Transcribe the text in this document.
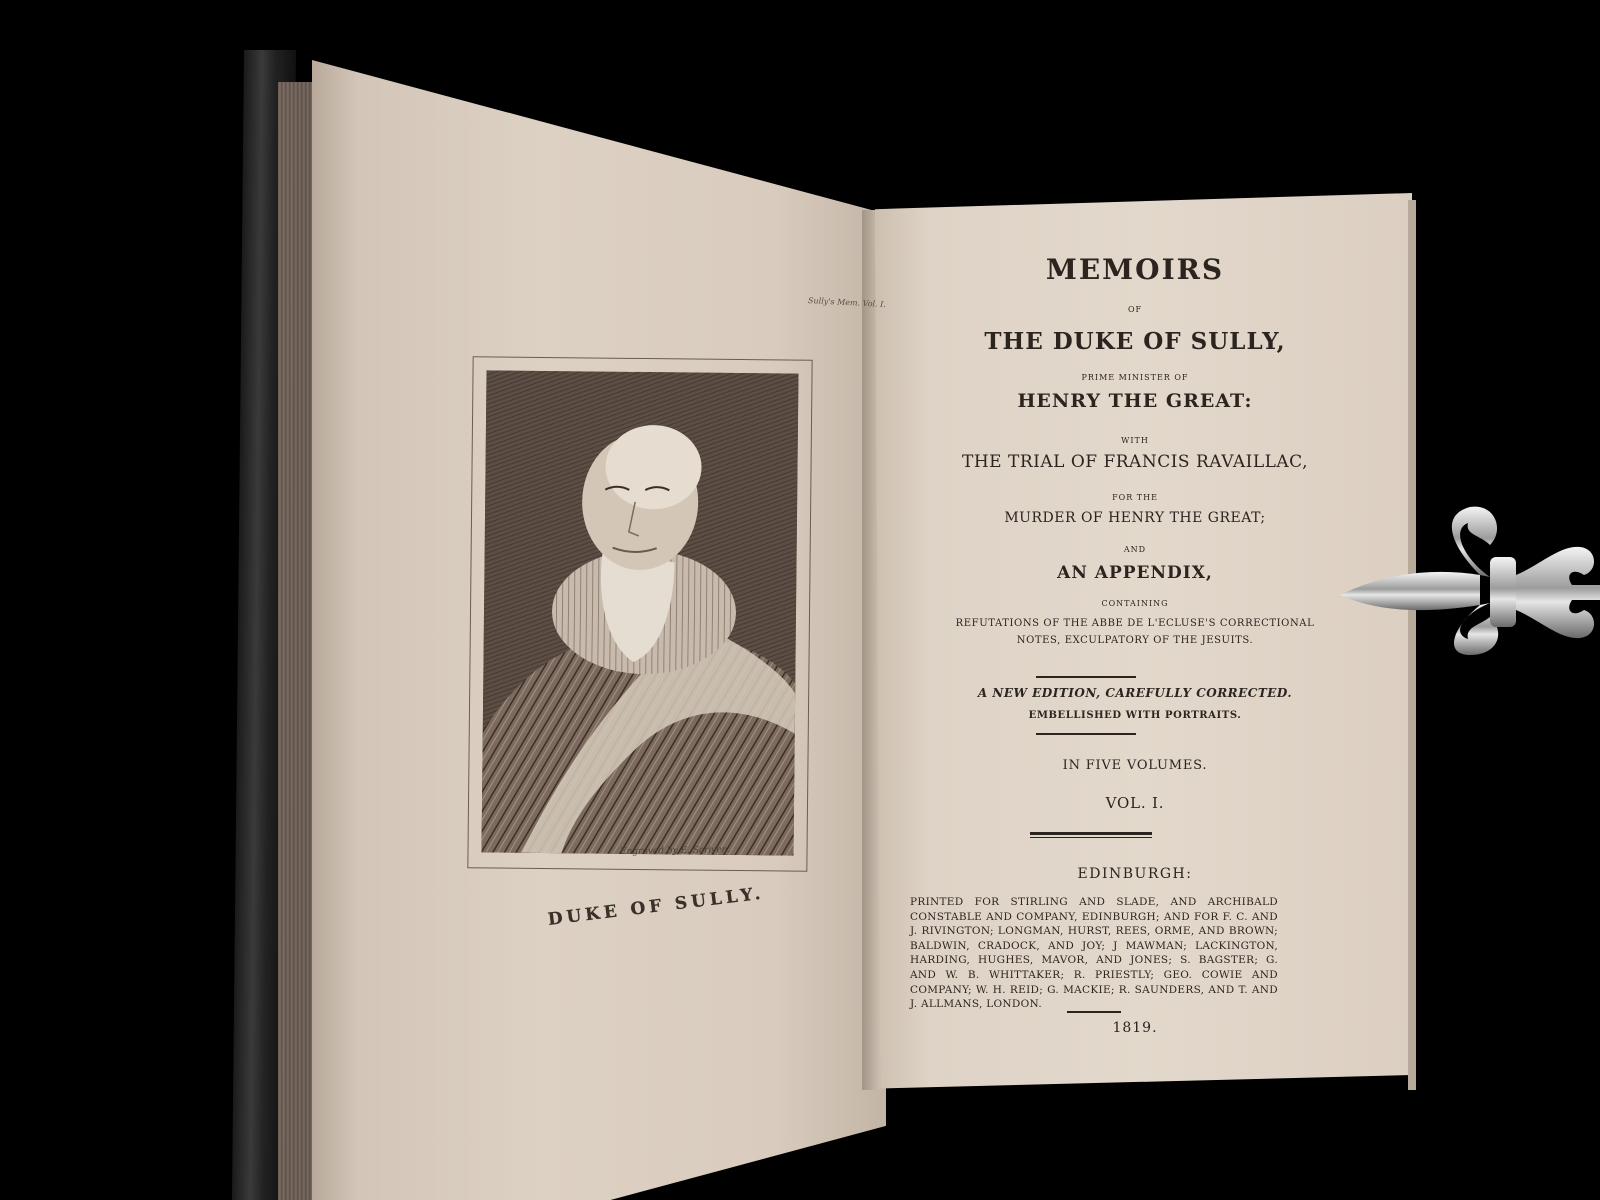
Sully's Mem. Vol. I.
Engraved by E. Scriven.
DUKE OF SULLY.
MEMOIRS
OF
THE DUKE OF SULLY,
PRIME MINISTER OF
HENRY THE GREAT:
WITH
THE TRIAL OF FRANCIS RAVAILLAC,
FOR THE
MURDER OF HENRY THE GREAT;
AND
AN APPENDIX,
CONTAINING
REFUTATIONS OF THE ABBE DE L'ECLUSE'S CORRECTIONAL
NOTES, EXCULPATORY OF THE JESUITS.
A NEW EDITION, CAREFULLY CORRECTED.
EMBELLISHED WITH PORTRAITS.
IN FIVE VOLUMES.
VOL. I.
EDINBURGH:
PRINTED FOR STIRLING AND SLADE, AND ARCHIBALD CONSTABLE AND COMPANY, EDINBURGH; AND FOR F. C. AND J. RIVINGTON; LONGMAN, HURST, REES, ORME, AND BROWN; BALDWIN, CRADOCK, AND JOY; J MAWMAN; LACKINGTON, HARDING, HUGHES, MAVOR, AND JONES; S. BAGSTER; G. AND W. B. WHITTAKER; R. PRIESTLY; GEO. COWIE AND COMPANY; W. H. REID; G. MACKIE; R. SAUNDERS, AND T. AND J. ALLMANS, LONDON.
1819.
